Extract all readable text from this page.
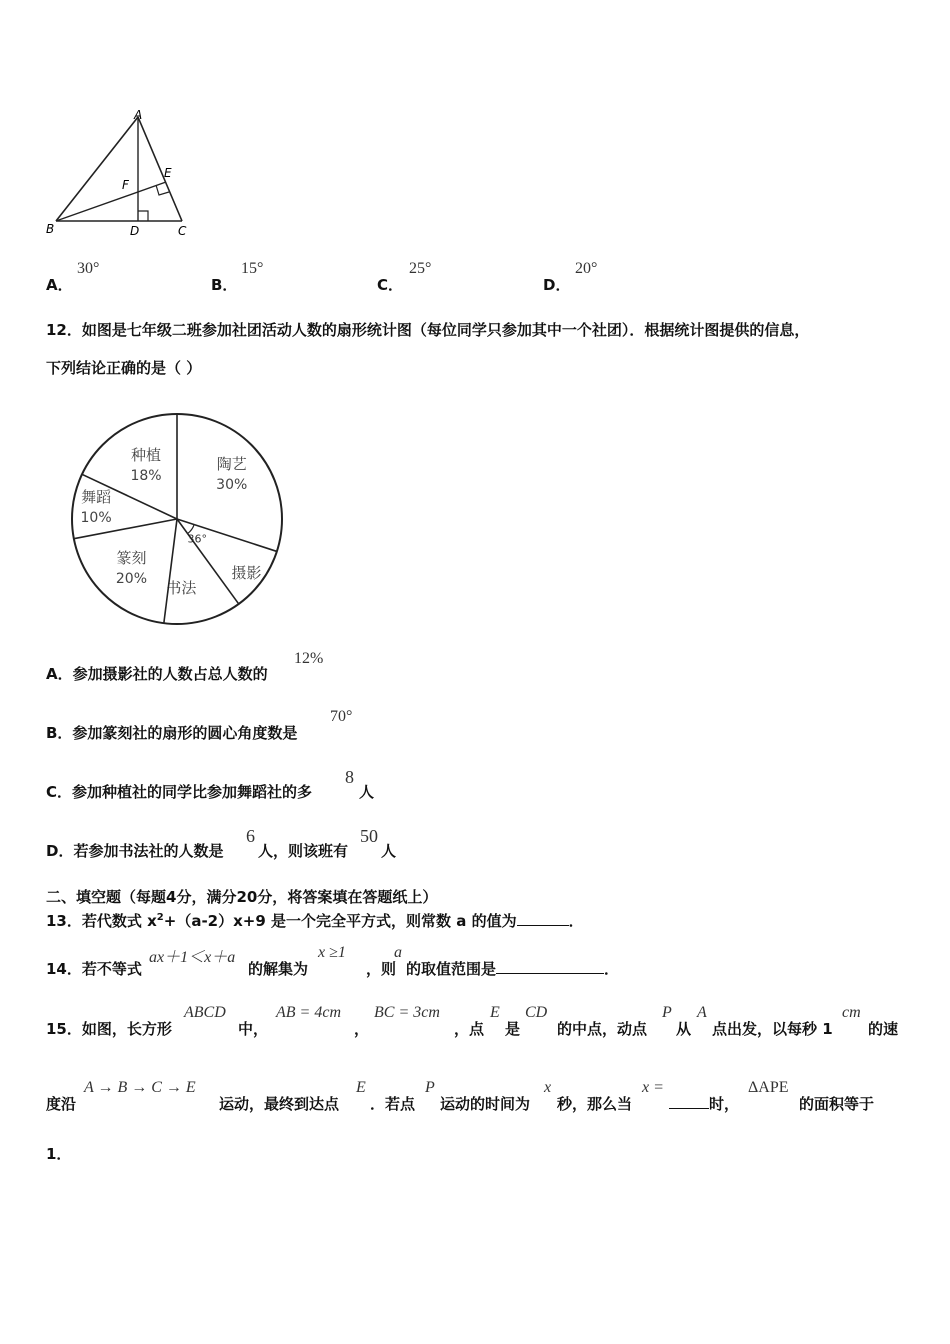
A
B	C
D
E
F
A．
30°
B．
15°
C．
25°
D．
20°
12．如图是七年级二班参加社团活动人数的扇形统计图（每位同学只参加其中一个社团）．根据统计图提供的信息，
下列结论正确的是（ ）
陶艺
30%
摄影
36°
书法
篆刻
20%
舞蹈
10%
种植
18%
A．参加摄影社的人数占总人数的
12%
B．参加篆刻社的扇形的圆心角度数是
70°
C．参加种植社的同学比参加舞蹈社的多
8
人
D．若参加书法社的人数是
6
人，则该班有
50
人
二、填空题（每题4分，满分20分，将答案填在答题纸上）
13．若代数式 $x^2+(a-2)x+9$ 是一个完全平方式，则常数 a 的值为	．
14．若不等式
ax＋1＜x＋a
的解集为
x ≥1
，则
a
的取值范围是	．
15．如图，长方形
ABCD
中，
AB = 4cm
，
BC = 3cm
，点
E
是
CD
的中点，动点
P
从
A
点出发，以每秒 1
cm
的速
度沿
A → B → C → E
运动，最终到达点
E
．若点
P
运动的时间为
x
秒，那么当
x =
时，
ΔAPE
的面积等于
1．
